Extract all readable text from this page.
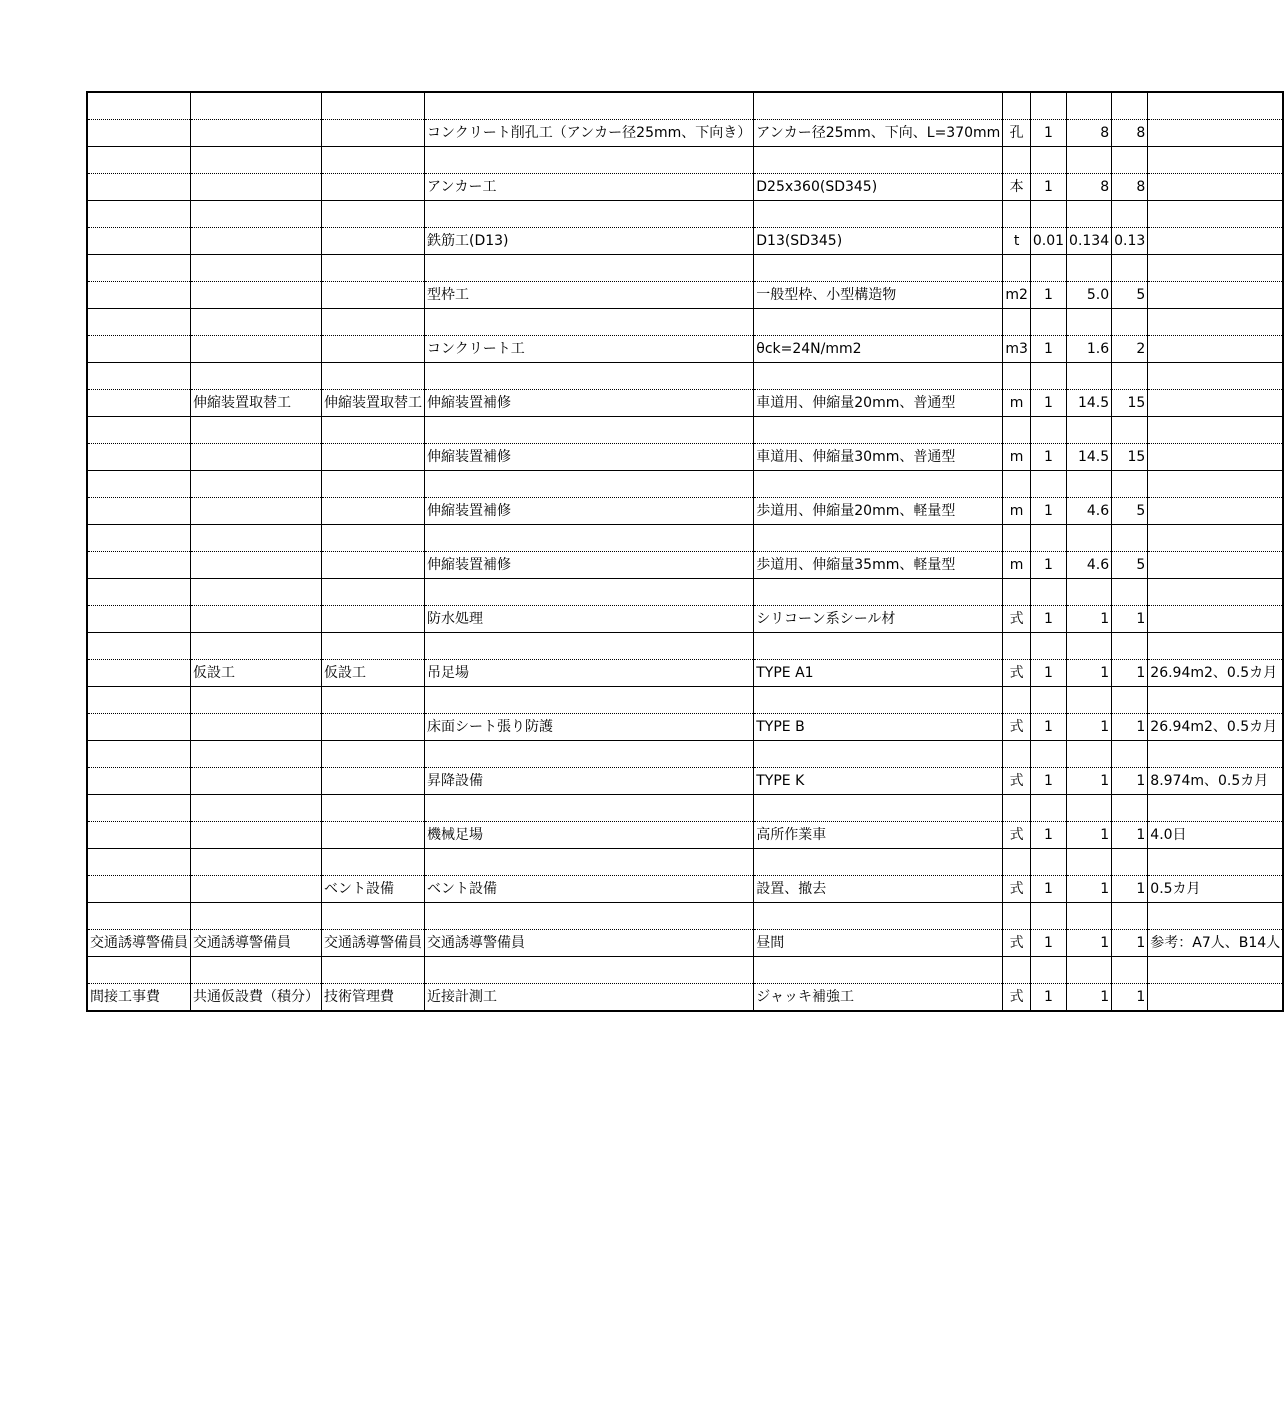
			コンクリート削孔工（アンカー径25mm、下向き）	アンカー径25mm、下向、L=370mm	孔	1	8	8	

			アンカー工	D25x360(SD345)	本	1	8	8	

			鉄筋工(D13)	D13(SD345)	t	0.01	0.134	0.13	

			型枠工	一般型枠、小型構造物	m2	1	5.0	5	

			コンクリート工	θck=24N/mm2	m3	1	1.6	2	

	伸縮装置取替工	伸縮装置取替工	伸縮装置補修	車道用、伸縮量20mm、普通型	m	1	14.5	15	

			伸縮装置補修	車道用、伸縮量30mm、普通型	m	1	14.5	15	

			伸縮装置補修	歩道用、伸縮量20mm、軽量型	m	1	4.6	5	

			伸縮装置補修	歩道用、伸縮量35mm、軽量型	m	1	4.6	5	

			防水処理	シリコーン系シール材	式	1	1	1	

	仮設工	仮設工	吊足場	TYPE A1	式	1	1	1	26.94m2、0.5カ月

			床面シート張り防護	TYPE B	式	1	1	1	26.94m2、0.5カ月

			昇降設備	TYPE K	式	1	1	1	8.974m、0.5カ月

			機械足場	高所作業車	式	1	1	1	4.0日

		ベント設備	ベント設備	設置、撤去	式	1	1	1	0.5カ月

交通誘導警備員	交通誘導警備員	交通誘導警備員	交通誘導警備員	昼間	式	1	1	1	参考：A7人、B14人

間接工事費	共通仮設費（積分）	技術管理費	近接計測工	ジャッキ補強工	式	1	1	1	
